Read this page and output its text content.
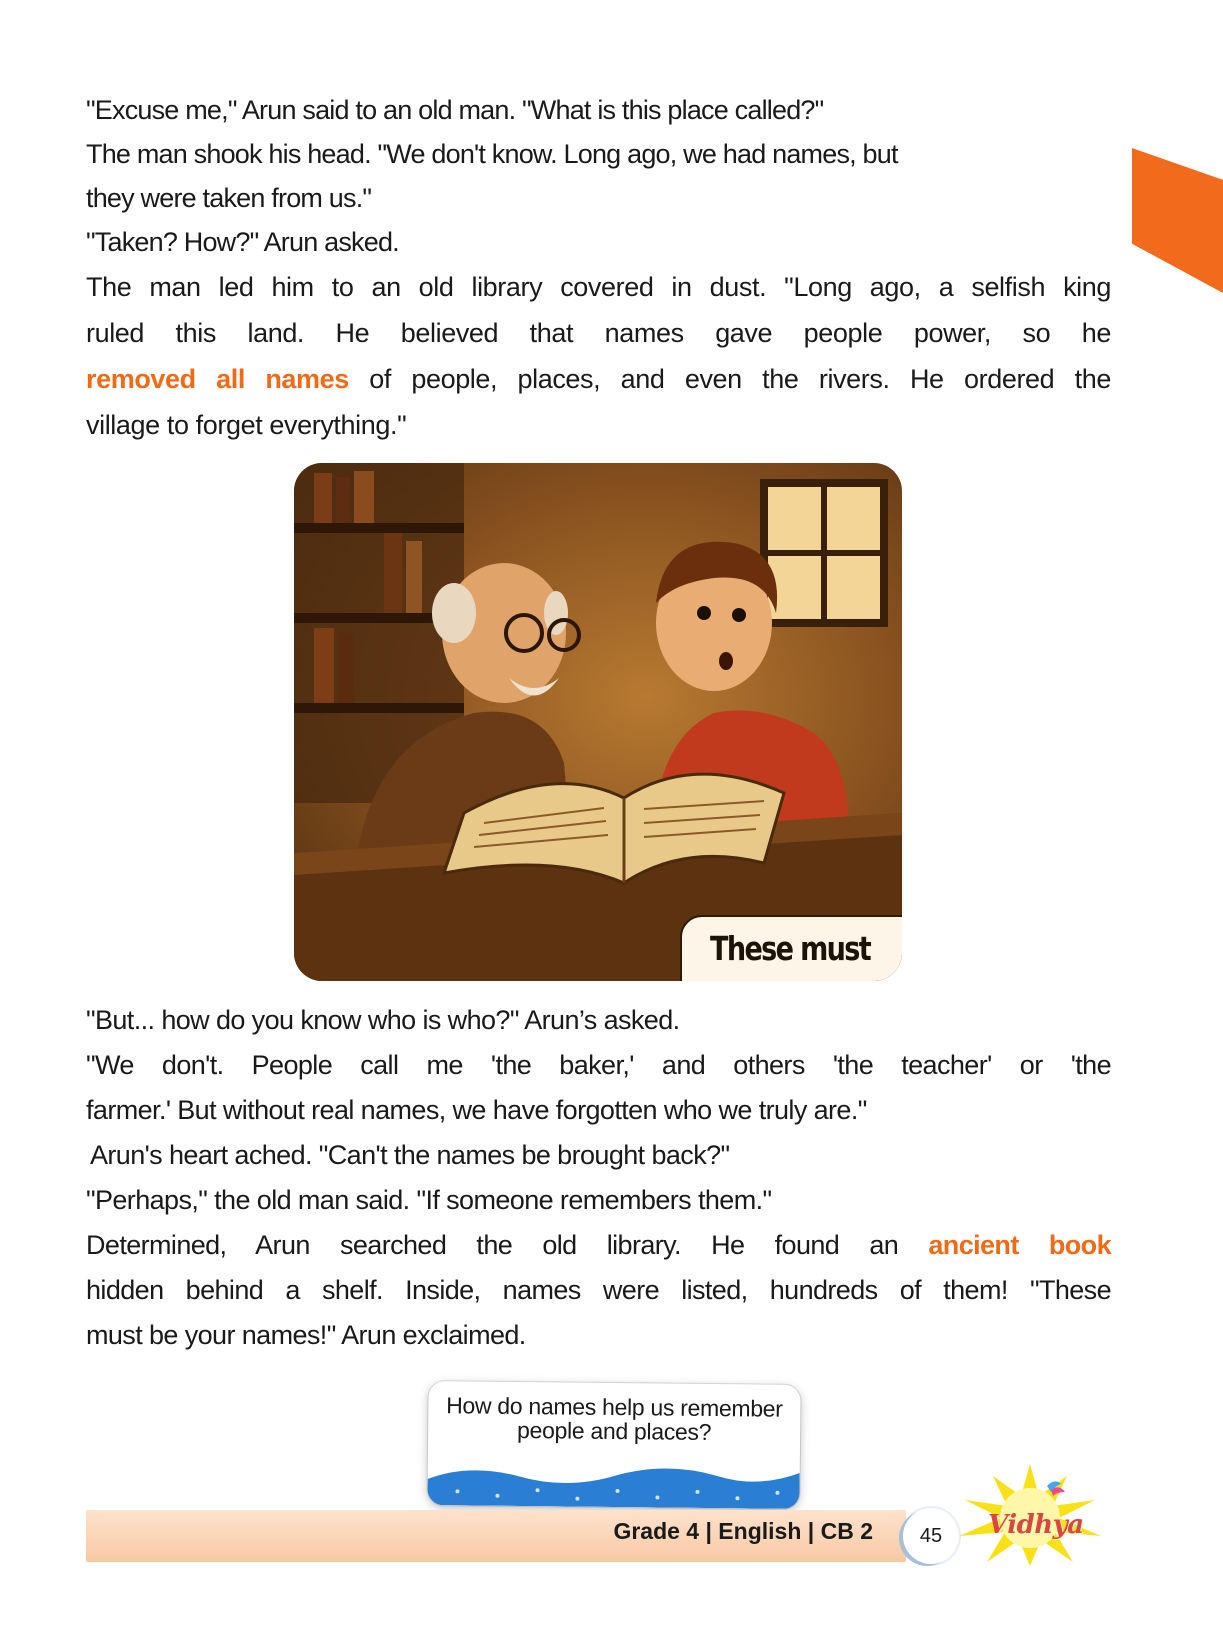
"Excuse me," Arun said to an old man. "What is this place called?"
The man shook his head. "We don't know. Long ago, we had names, but
they were taken from us."
"Taken? How?" Arun asked.
The man led him to an old library covered in dust. "Long ago, a selfish king
ruled this land. He believed that names gave people power, so he
removed all names of people, places, and even the rivers. He ordered the
village to forget everything."
These must
"But... how do you know who is who?" Arun’s asked.
"We don't. People call me 'the baker,' and others 'the teacher' or 'the
farmer.' But without real names, we have forgotten who we truly are."
Arun's heart ached. "Can't the names be brought back?"
"Perhaps," the old man said. "If someone remembers them."
Determined, Arun searched the old library. He found an ancient book
hidden behind a shelf. Inside, names were listed, hundreds of them! "These
must be your names!" Arun exclaimed.
How do names help us remember people and places?
Grade 4 | English | CB 2	45	Vidhya
